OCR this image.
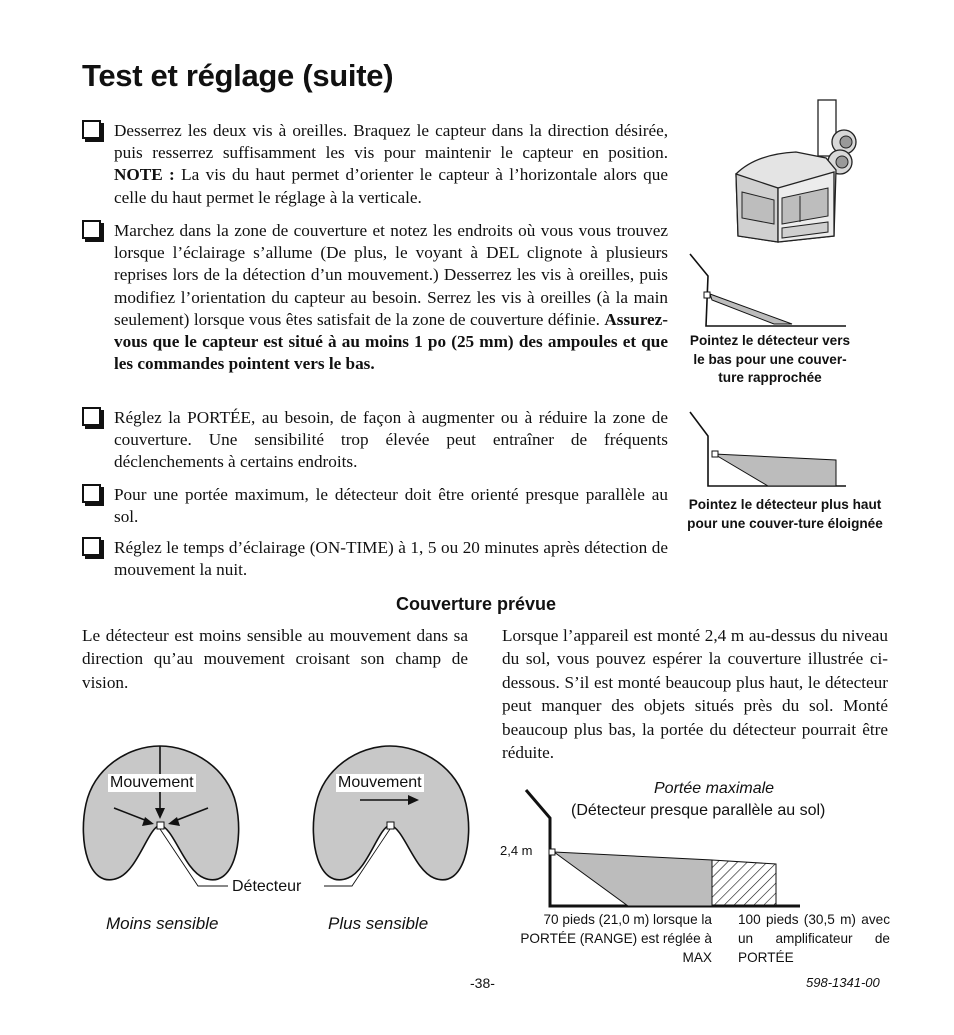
Test et réglage (suite)
Desserrez les deux vis à oreilles. Braquez le capteur dans la direction désirée, puis resserrez suffisamment les vis pour maintenir le capteur en position. NOTE : La vis du haut permet d’orienter le capteur à l’horizontale alors que celle du haut permet le réglage à la verticale.
Marchez dans la zone de couverture et notez les endroits où vous vous trouvez lorsque l’éclairage s’allume (De plus, le voyant à DEL clignote à plusieurs reprises lors de la détection d’un mouvement.) Desserrez les vis à oreilles, puis modifiez l’orientation du capteur au besoin. Serrez les vis à oreilles (à la main seulement) lorsque vous êtes satisfait de la zone de couverture définie. Assurez-vous que le capteur est situé à au moins 1 po (25 mm) des ampoules et que les commandes pointent vers le bas.
Réglez la PORTÉE, au besoin, de façon à augmenter ou à réduire la zone de couverture. Une sensibilité trop élevée peut entraîner de fréquents déclenchements à certains endroits.
Pour une portée maximum, le détecteur doit être orienté presque parallèle au sol.
Réglez le temps d’éclairage (ON-TIME) à 1, 5 ou 20 minutes après détection de mouvement la nuit.
Pointez le détecteur vers le bas pour une couver-ture rapprochée
Pointez le détecteur plus haut pour une couver-ture éloignée
Couverture prévue
Le détecteur est moins sensible au mouvement dans sa direction qu’au mouvement croisant son champ de vision.
Lorsque l’appareil est monté 2,4 m au-dessus du niveau du sol, vous pouvez espérer la couverture illustrée ci-dessous. S’il est monté beaucoup plus haut, le détecteur peut manquer des objets situés près du sol. Monté beaucoup plus bas, la portée du détecteur pourrait être réduite.
Mouvement	Mouvement
Détecteur
Moins sensible	Plus sensible
Portée maximale
(Détecteur presque parallèle au sol)
2,4 m
70 pieds (21,0 m) lorsque la PORTÉE (RANGE) est réglée à MAX
100 pieds (30,5 m) avec un amplificateur de PORTÉE
-38-	598-1341-00
